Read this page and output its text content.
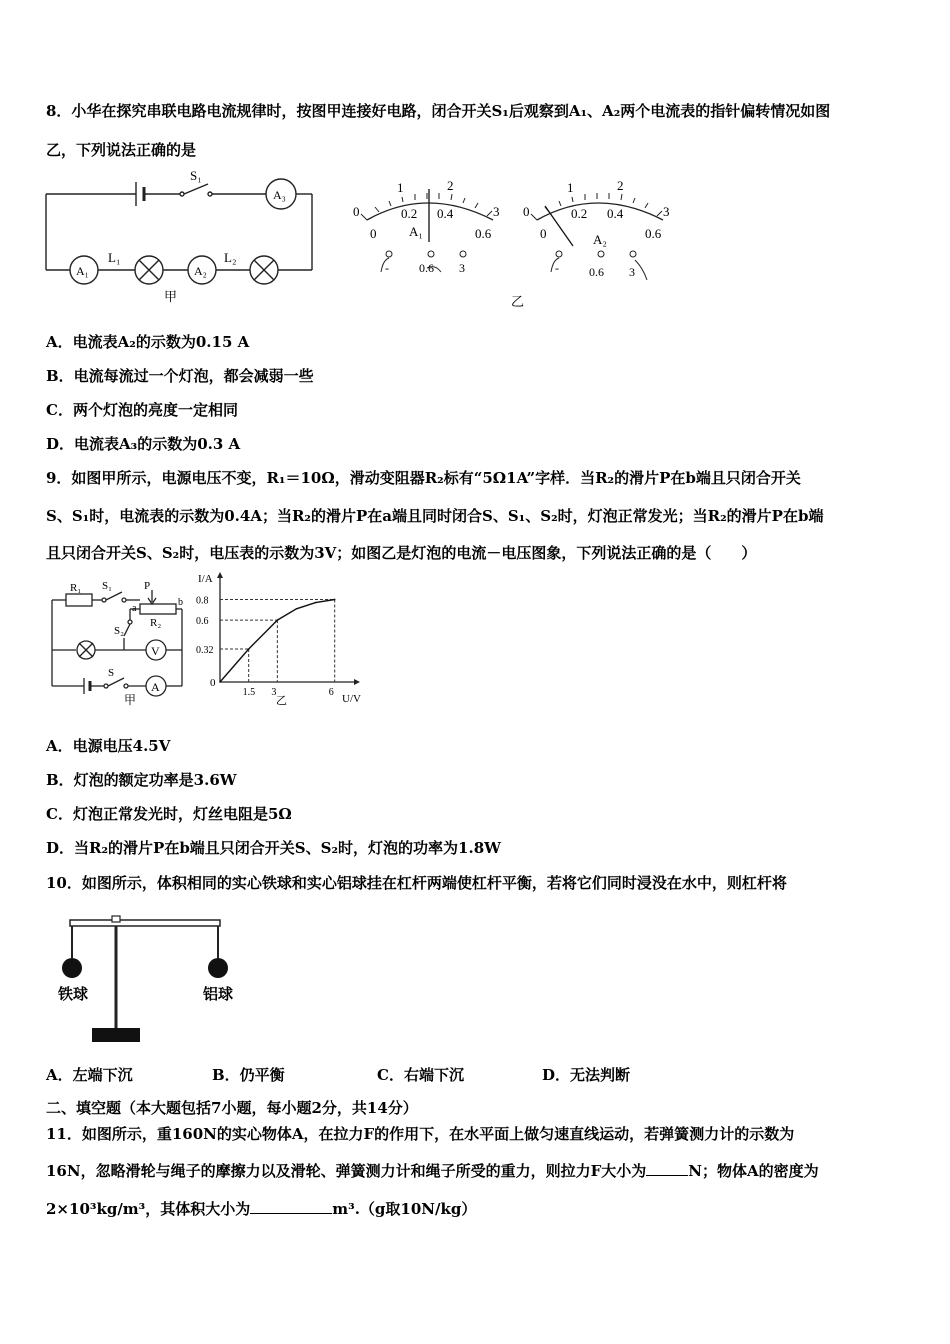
8．小华在探究串联电路电流规律时，按图甲连接好电路，闭合开关S₁后观察到A₁、A₂两个电流表的指针偏转情况如图
乙，下列说法正确的是
S₁
A₃
A₁
L₁
A₂
L₂
甲
0
1	2
3
0
0.2 0.4
0.6
A₁
-	0.6 3
0
1	2
3
0
0.2 0.4
0.6
A₂
-	0.6 3
乙
A．电流表A₂的示数为0.15 A
B．电流每流过一个灯泡，都会减弱一些
C．两个灯泡的亮度一定相同
D．电流表A₃的示数为0.3 A
9．如图甲所示，电源电压不变，R₁＝10Ω，滑动变阻器R₂标有“5Ω1A”字样．当R₂的滑片P在b端且只闭合开关
S、S₁时，电流表的示数为0.4A；当R₂的滑片P在a端且同时闭合S、S₁、S₂时，灯泡正常发光；当R₂的滑片P在b端
且只闭合开关S、S₂时，电压表的示数为3V；如图乙是灯泡的电流－电压图象，下列说法正确的是（　　）
R₁ S₁	P
a
b
R₂
S₂
V
S
A
甲
I/A
U/V
0
1.5 3	6
0.32
0.6
0.8
乙
A．电源电压4.5V
B．灯泡的额定功率是3.6W
C．灯泡正常发光时，灯丝电阻是5Ω
D．当R₂的滑片P在b端且只闭合开关S、S₂时，灯泡的功率为1.8W
10．如图所示，体积相同的实心铁球和实心铝球挂在杠杆两端使杠杆平衡，若将它们同时浸没在水中，则杠杆将
铁球	铝球
A．左端下沉	B．仍平衡	C．右端下沉	D．无法判断
二、填空题（本大题包括7小题，每小题2分，共14分）
11．如图所示，重160N的实心物体A，在拉力F的作用下，在水平面上做匀速直线运动，若弹簧测力计的示数为
16N，忽略滑轮与绳子的摩擦力以及滑轮、弹簧测力计和绳子所受的重力，则拉力F大小为	N；物体A的密度为
2×10³kg/m³，其体积大小为	m³.（g取10N/kg）
